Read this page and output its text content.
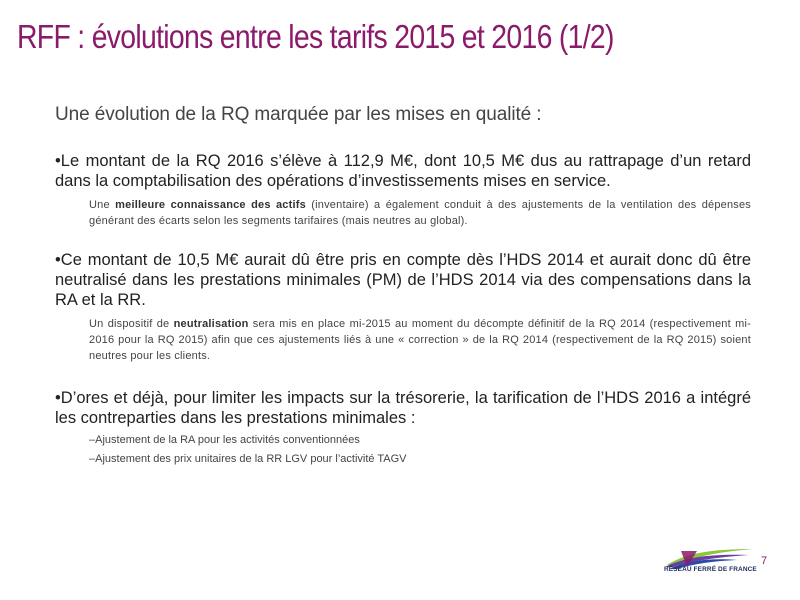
RFF : évolutions entre les tarifs 2015 et 2016 (1/2)

Une évolution de la RQ marquée par les mises en qualité :

•Le montant de la RQ 2016 s’élève à 112,9 M€, dont 10,5 M€ dus au rattrapage d’un retard dans la comptabilisation des opérations d’investissements mises en service.

Une meilleure connaissance des actifs (inventaire) a également conduit à des ajustements de la ventilation des dépenses générant des écarts selon les segments tarifaires (mais neutres au global).

•Ce montant de 10,5 M€ aurait dû être pris en compte dès l’HDS 2014 et aurait donc dû être neutralisé dans les prestations minimales (PM) de l’HDS 2014 via des compensations dans la RA et la RR.

Un dispositif de neutralisation sera mis en place mi-2015 au moment du décompte définitif de la RQ 2014 (respectivement mi-2016 pour la RQ 2015) afin que ces ajustements liés à une « correction » de la RQ 2014 (respectivement de la RQ 2015) soient neutres pour les clients.

•D’ores et déjà, pour limiter les impacts sur la trésorerie, la tarification de l’HDS 2016 a intégré les contreparties dans les prestations minimales :

–Ajustement de la RA pour les activités conventionnées
–Ajustement des prix unitaires de la RR LGV pour l’activité TAGV
RÉSEAU FERRÉ DE FRANCE
7
